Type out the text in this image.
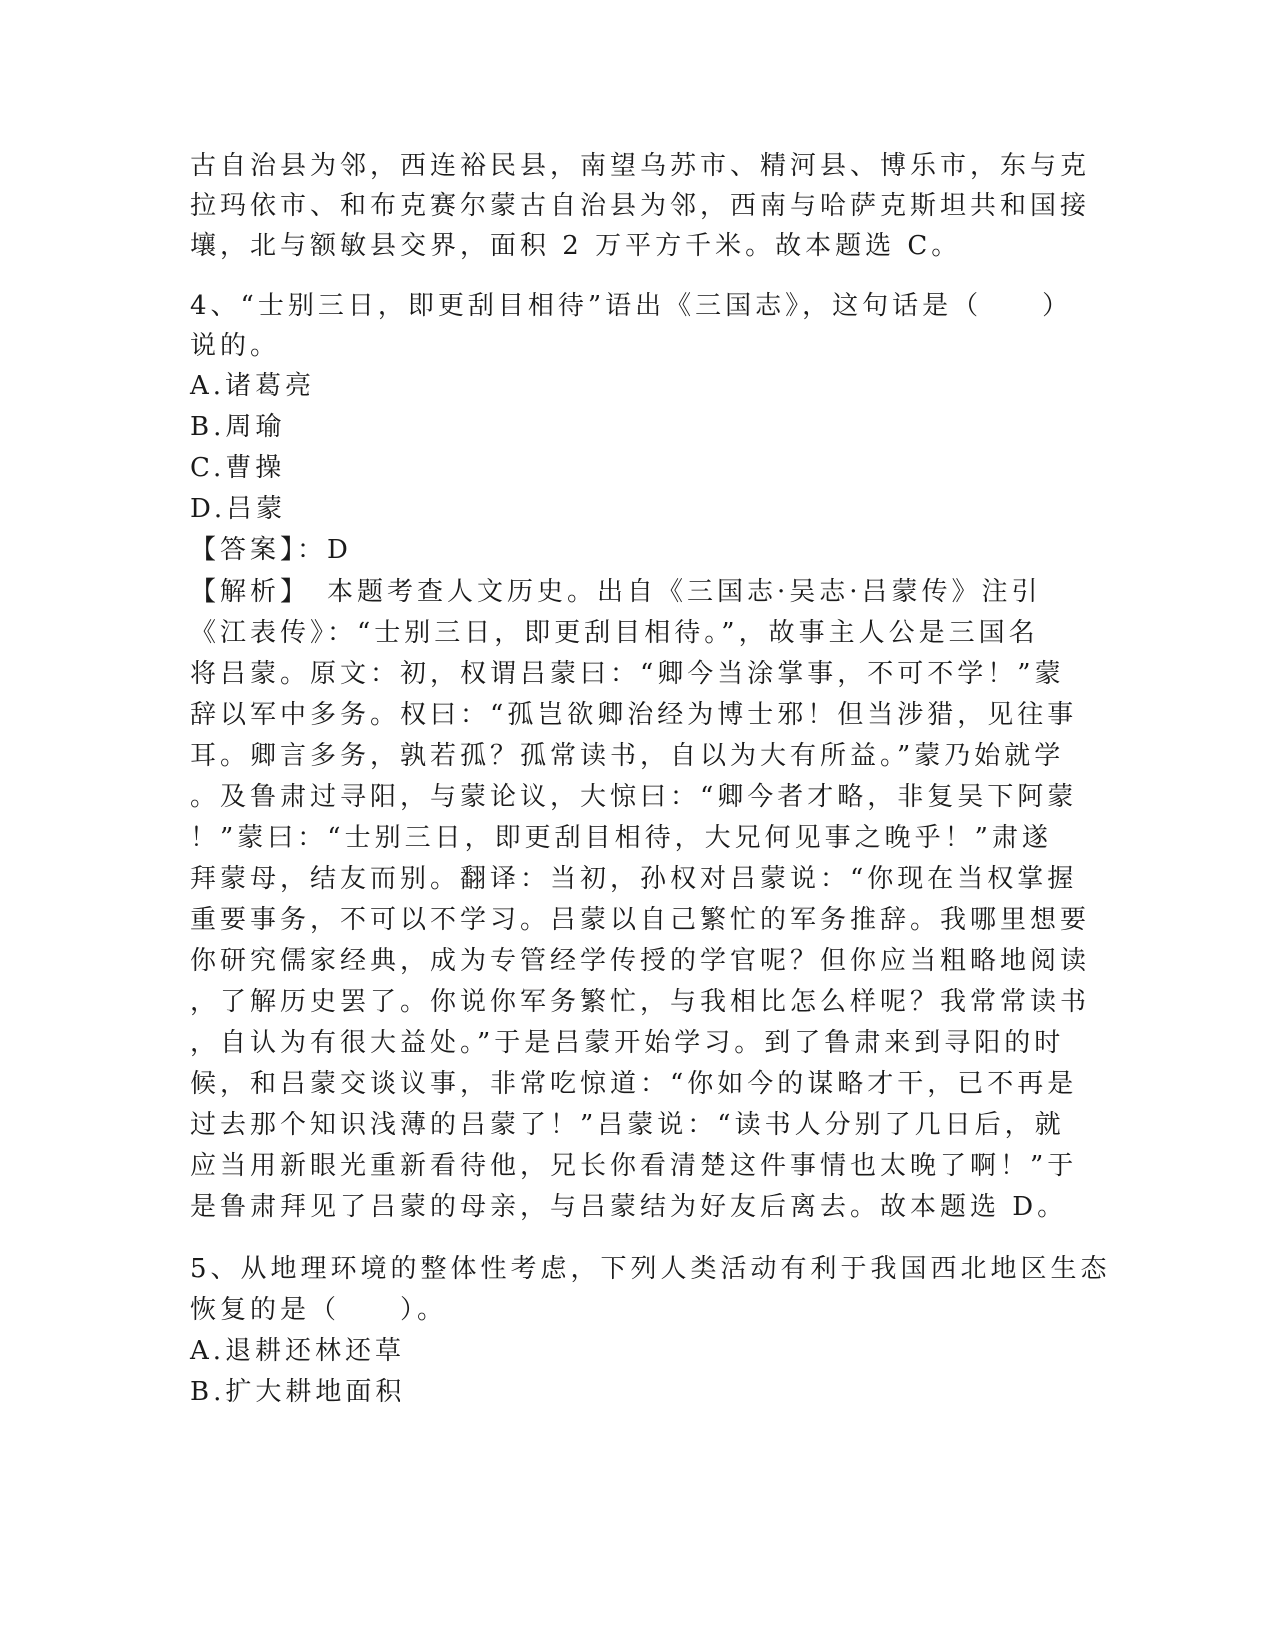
古自治县为邻，西连裕民县，南望乌苏市、精河县、博乐市，东与克
拉玛依市、和布克赛尔蒙古自治县为邻，西南与哈萨克斯坦共和国接
壤，北与额敏县交界，面积 2 万平方千米。故本题选 C。
4、“士别三日，即更刮目相待”语出《三国志》，这句话是（　　）
说的。
A.诸葛亮
B.周瑜
C.曹操
D.吕蒙
【答案】：D
【解析】　本题考查人文历史。出自《三国志·吴志·吕蒙传》注引
《江表传》：“士别三日，即更刮目相待。”，故事主人公是三国名
将吕蒙。原文：初，权谓吕蒙曰：“卿今当涂掌事，不可不学！”蒙
辞以军中多务。权曰：“孤岂欲卿治经为博士邪！但当涉猎，见往事
耳。卿言多务，孰若孤？孤常读书，自以为大有所益。”蒙乃始就学
。及鲁肃过寻阳，与蒙论议，大惊曰：“卿今者才略，非复吴下阿蒙
！”蒙曰：“士别三日，即更刮目相待，大兄何见事之晚乎！”肃遂
拜蒙母，结友而别。翻译：当初，孙权对吕蒙说：“你现在当权掌握
重要事务，不可以不学习。吕蒙以自己繁忙的军务推辞。我哪里想要
你研究儒家经典，成为专管经学传授的学官呢？但你应当粗略地阅读
，了解历史罢了。你说你军务繁忙，与我相比怎么样呢？我常常读书
，自认为有很大益处。”于是吕蒙开始学习。到了鲁肃来到寻阳的时
候，和吕蒙交谈议事，非常吃惊道：“你如今的谋略才干，已不再是
过去那个知识浅薄的吕蒙了！”吕蒙说：“读书人分别了几日后，就
应当用新眼光重新看待他，兄长你看清楚这件事情也太晚了啊！”于
是鲁肃拜见了吕蒙的母亲，与吕蒙结为好友后离去。故本题选 D。
5、从地理环境的整体性考虑，下列人类活动有利于我国西北地区生态
恢复的是（　　）。
A.退耕还林还草
B.扩大耕地面积
